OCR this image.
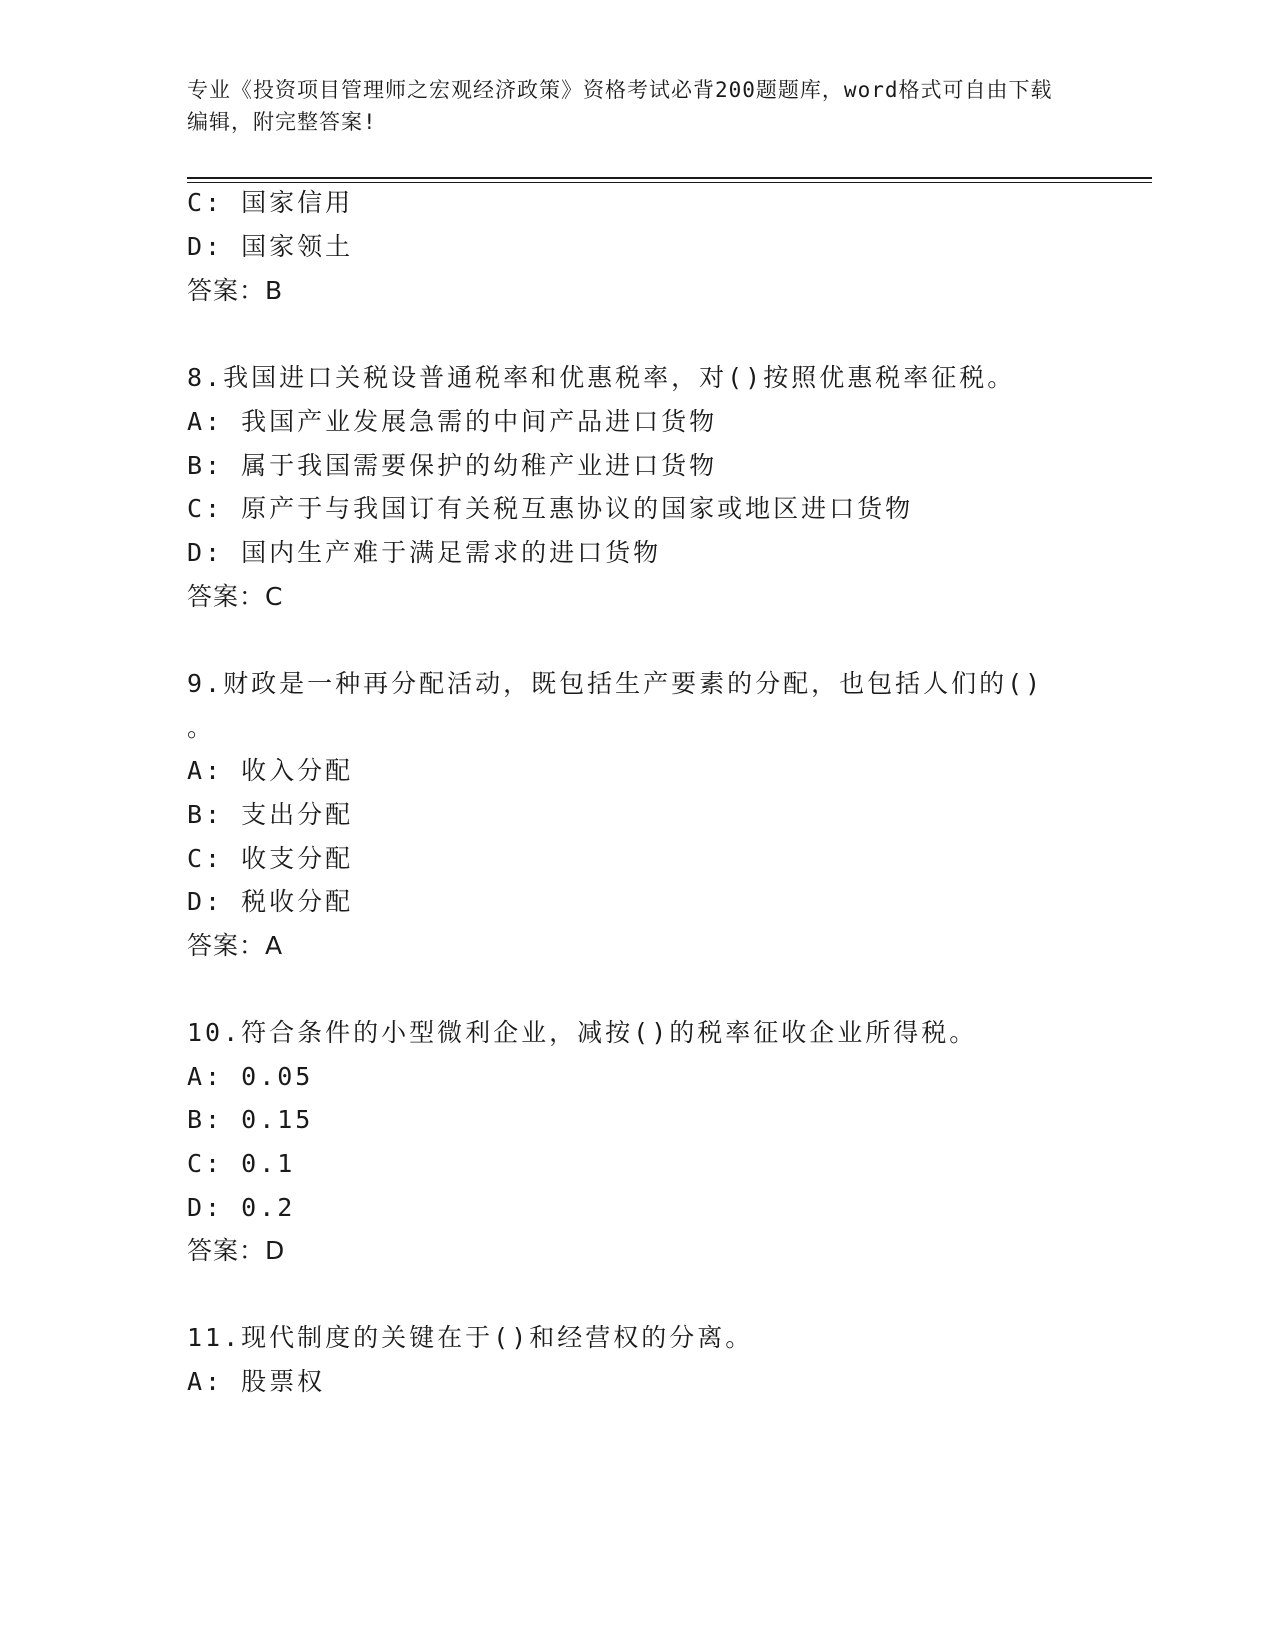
专业《投资项目管理师之宏观经济政策》资格考试必背200题题库，word格式可自由下载编辑，附完整答案!
C: 国家信用
D: 国家领土
答案：B
8.我国进口关税设普通税率和优惠税率，对()按照优惠税率征税。
A: 我国产业发展急需的中间产品进口货物
B: 属于我国需要保护的幼稚产业进口货物
C: 原产于与我国订有关税互惠协议的国家或地区进口货物
D: 国内生产难于满足需求的进口货物
答案：C
9.财政是一种再分配活动，既包括生产要素的分配，也包括人们的()
。
A: 收入分配
B: 支出分配
C: 收支分配
D: 税收分配
答案：A
10.符合条件的小型微利企业，减按()的税率征收企业所得税。
A: 0.05
B: 0.15
C: 0.1
D: 0.2
答案：D
11.现代制度的关键在于()和经营权的分离。
A: 股票权
